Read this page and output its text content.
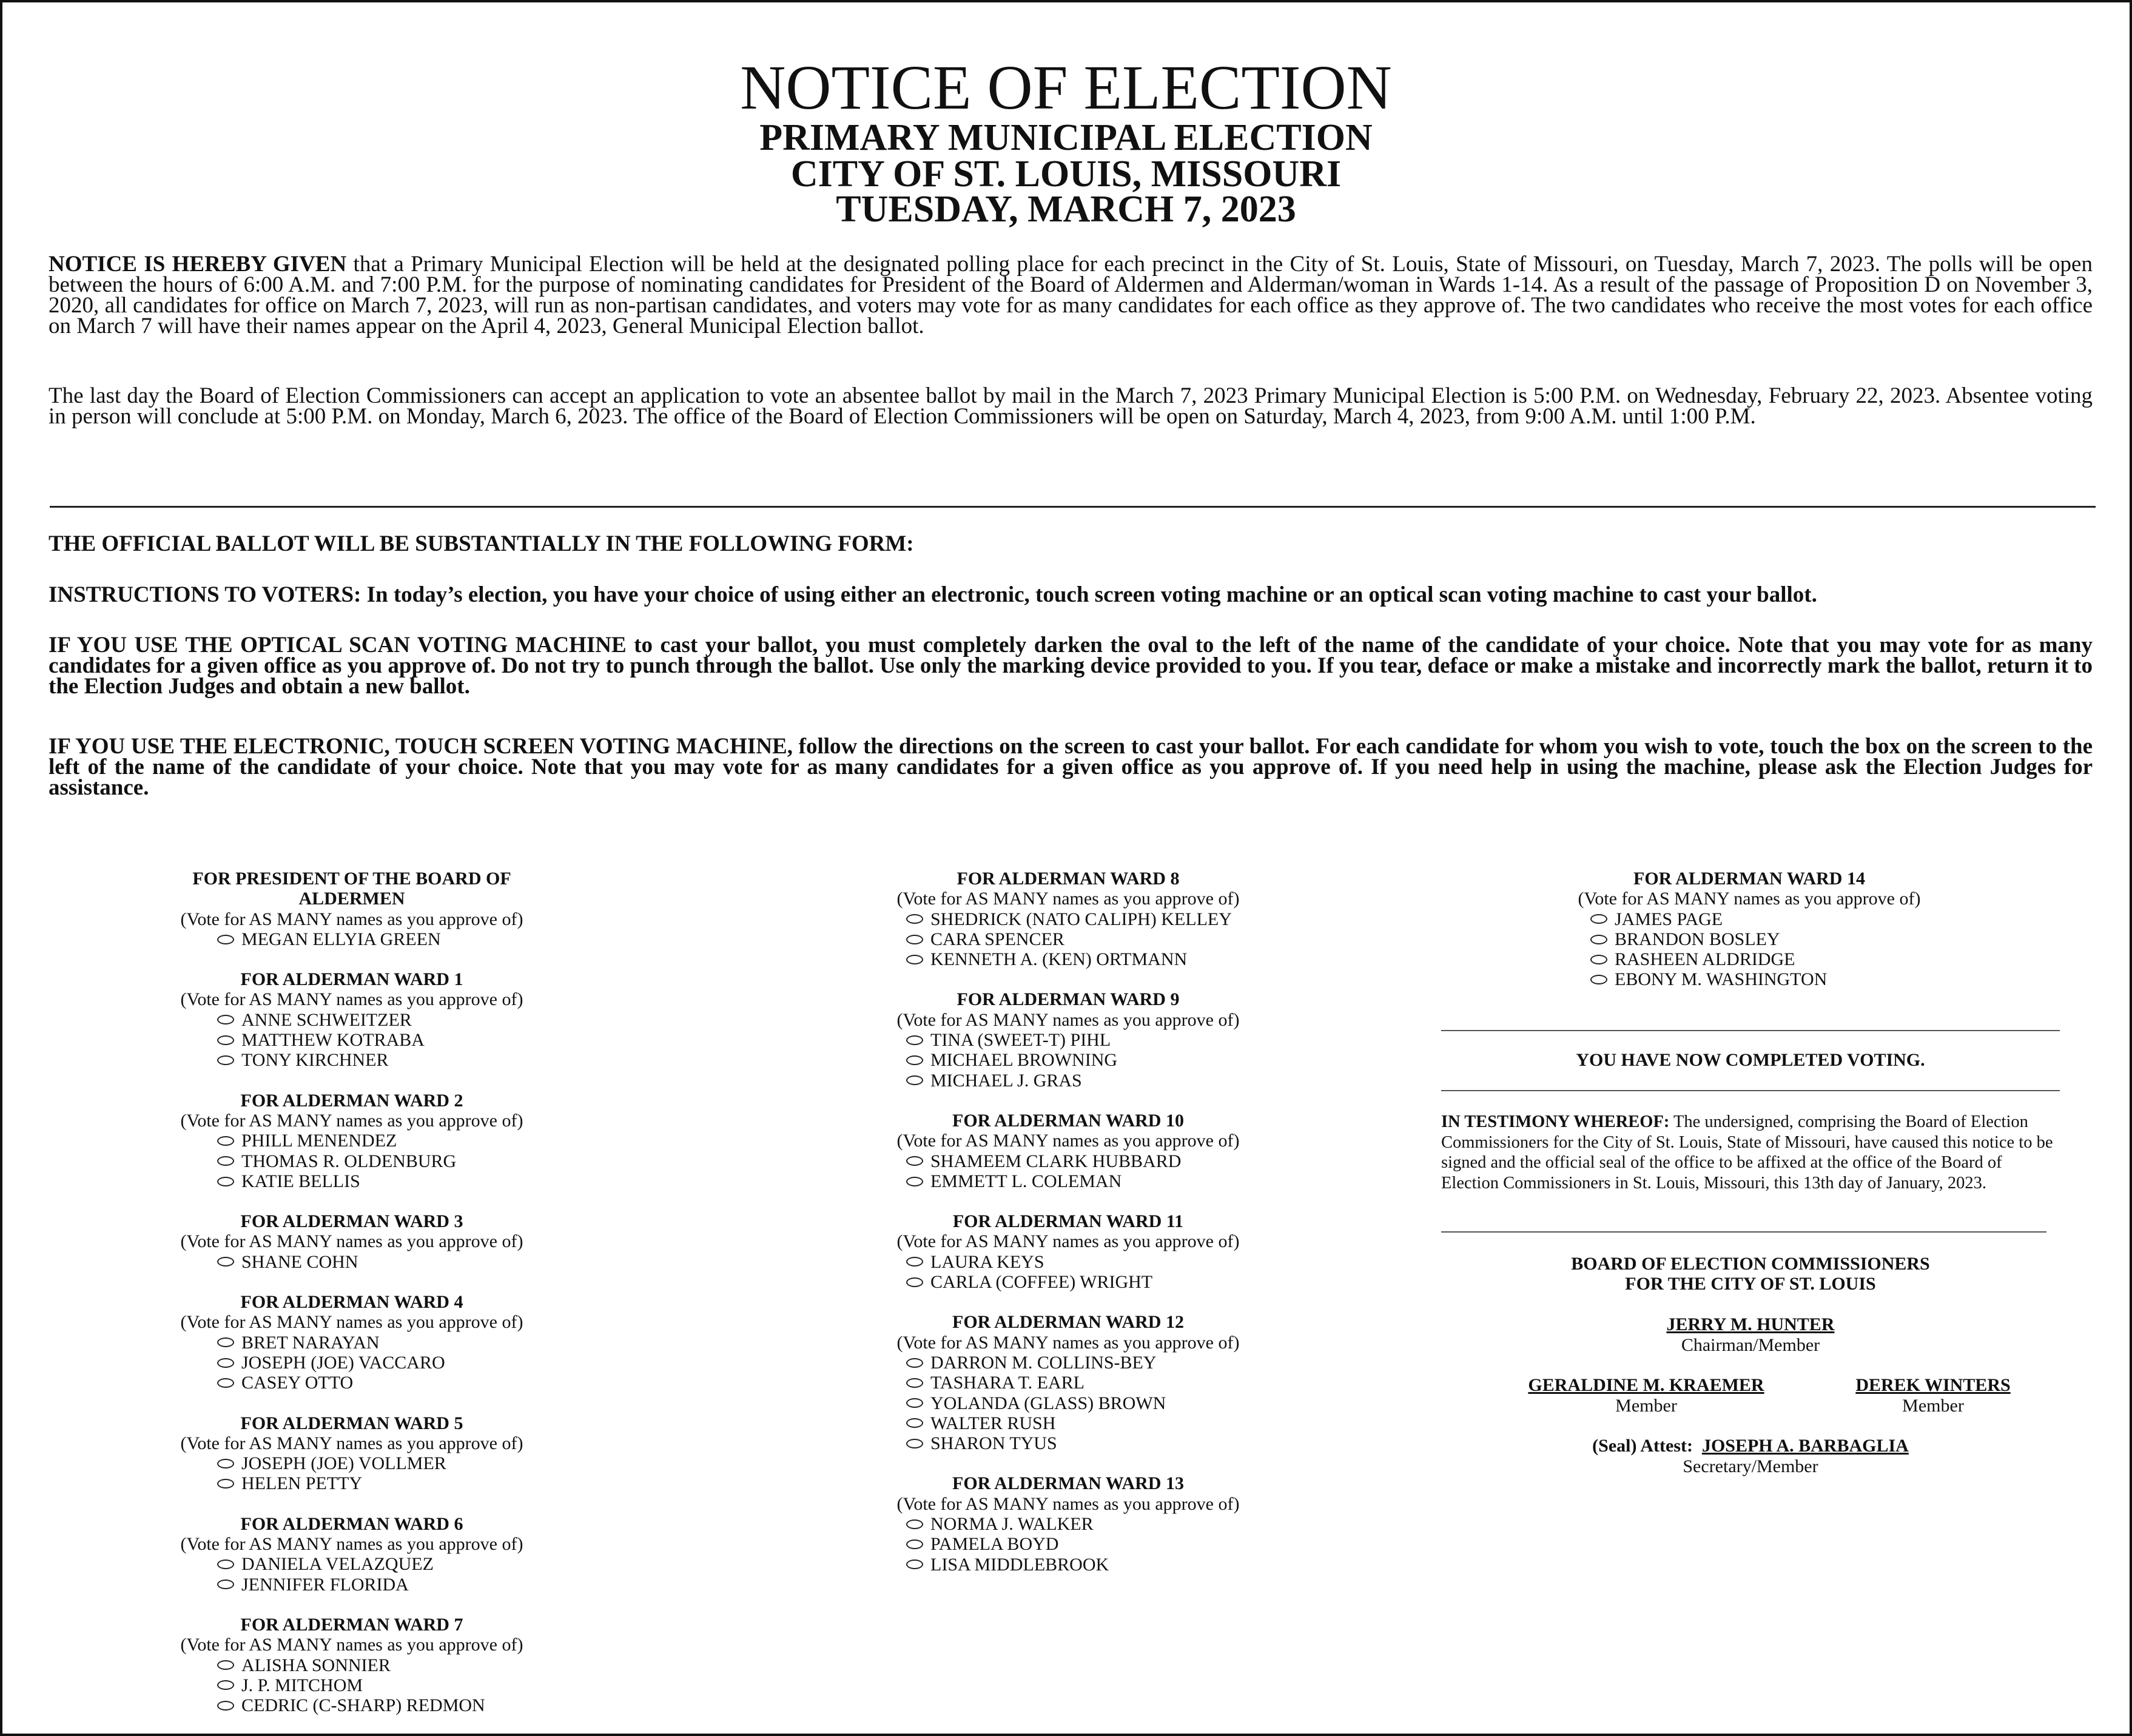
NOTICE OF ELECTION
PRIMARY MUNICIPAL ELECTION
CITY OF ST. LOUIS, MISSOURI
TUESDAY, MARCH 7, 2023
NOTICE IS HEREBY GIVEN that a Primary Municipal Election will be held at the designated polling place for each precinct in the City of St. Louis, State of Missouri, on Tuesday, March 7, 2023. The polls will be open between the hours of 6:00 A.M. and 7:00 P.M. for the purpose of nominating candidates for President of the Board of Aldermen and Alderman/woman in Wards 1-14. As a result of the passage of Proposition D on November 3, 2020, all candidates for office on March 7, 2023, will run as non-partisan candidates, and voters may vote for as many candidates for each office as they approve of. The two candidates who receive the most votes for each office on March 7 will have their names appear on the April 4, 2023, General Municipal Election ballot.
The last day the Board of Election Commissioners can accept an application to vote an absentee ballot by mail in the March 7, 2023 Primary Municipal Election is 5:00 P.M. on Wednesday, February 22, 2023. Absentee voting in person will conclude at 5:00 P.M. on Monday, March 6, 2023. The office of the Board of Election Commissioners will be open on Saturday, March 4, 2023, from 9:00 A.M. until 1:00 P.M.
THE OFFICIAL BALLOT WILL BE SUBSTANTIALLY IN THE FOLLOWING FORM:
INSTRUCTIONS TO VOTERS: In today’s election, you have your choice of using either an electronic, touch screen voting machine or an optical scan voting machine to cast your ballot.
IF YOU USE THE OPTICAL SCAN VOTING MACHINE to cast your ballot, you must completely darken the oval to the left of the name of the candidate of your choice. Note that you may vote for as many candidates for a given office as you approve of. Do not try to punch through the ballot. Use only the marking device provided to you. If you tear, deface or make a mistake and incorrectly mark the ballot, return it to the Election Judges and obtain a new ballot.
IF YOU USE THE ELECTRONIC, TOUCH SCREEN VOTING MACHINE, follow the directions on the screen to cast your ballot. For each candidate for whom you wish to vote, touch the box on the screen to the left of the name of the candidate of your choice. Note that you may vote for as many candidates for a given office as you approve of. If you need help in using the machine, please ask the Election Judges for assistance.
FOR PRESIDENT OF THE BOARD OF ALDERMEN
(Vote for AS MANY names as you approve of)
MEGAN ELLYIA GREEN
FOR ALDERMAN WARD 1
(Vote for AS MANY names as you approve of)
ANNE SCHWEITZER
MATTHEW KOTRABA
TONY KIRCHNER
FOR ALDERMAN WARD 2
(Vote for AS MANY names as you approve of)
PHILL MENENDEZ
THOMAS R. OLDENBURG
KATIE BELLIS
FOR ALDERMAN WARD 3
(Vote for AS MANY names as you approve of)
SHANE COHN
FOR ALDERMAN WARD 4
(Vote for AS MANY names as you approve of)
BRET NARAYAN
JOSEPH (JOE) VACCARO
CASEY OTTO
FOR ALDERMAN WARD 5
(Vote for AS MANY names as you approve of)
JOSEPH (JOE) VOLLMER
HELEN PETTY
FOR ALDERMAN WARD 6
(Vote for AS MANY names as you approve of)
DANIELA VELAZQUEZ
JENNIFER FLORIDA
FOR ALDERMAN WARD 7
(Vote for AS MANY names as you approve of)
ALISHA SONNIER
J. P. MITCHOM
CEDRIC (C-SHARP) REDMON
FOR ALDERMAN WARD 8
(Vote for AS MANY names as you approve of)
SHEDRICK (NATO CALIPH) KELLEY
CARA SPENCER
KENNETH A. (KEN) ORTMANN
FOR ALDERMAN WARD 9
(Vote for AS MANY names as you approve of)
TINA (SWEET-T) PIHL
MICHAEL BROWNING
MICHAEL J. GRAS
FOR ALDERMAN WARD 10
(Vote for AS MANY names as you approve of)
SHAMEEM CLARK HUBBARD
EMMETT L. COLEMAN
FOR ALDERMAN WARD 11
(Vote for AS MANY names as you approve of)
LAURA KEYS
CARLA (COFFEE) WRIGHT
FOR ALDERMAN WARD 12
(Vote for AS MANY names as you approve of)
DARRON M. COLLINS-BEY
TASHARA T. EARL
YOLANDA (GLASS) BROWN
WALTER RUSH
SHARON TYUS
FOR ALDERMAN WARD 13
(Vote for AS MANY names as you approve of)
NORMA J. WALKER
PAMELA BOYD
LISA MIDDLEBROOK
FOR ALDERMAN WARD 14
(Vote for AS MANY names as you approve of)
JAMES PAGE
BRANDON BOSLEY
RASHEEN ALDRIDGE
EBONY M. WASHINGTON
YOU HAVE NOW COMPLETED VOTING.
IN TESTIMONY WHEREOF: The undersigned, comprising the Board of Election Commissioners for the City of St. Louis, State of Missouri, have caused this notice to be signed and the official seal of the office to be affixed at the office of the Board of Election Commissioners in St. Louis, Missouri, this 13th day of January, 2023.
BOARD OF ELECTION COMMISSIONERS
FOR THE CITY OF ST. LOUIS
JERRY M. HUNTER
Chairman/Member
GERALDINE M. KRAEMER
Member
DEREK WINTERS
Member
(Seal) Attest: JOSEPH A. BARBAGLIA
Secretary/Member
